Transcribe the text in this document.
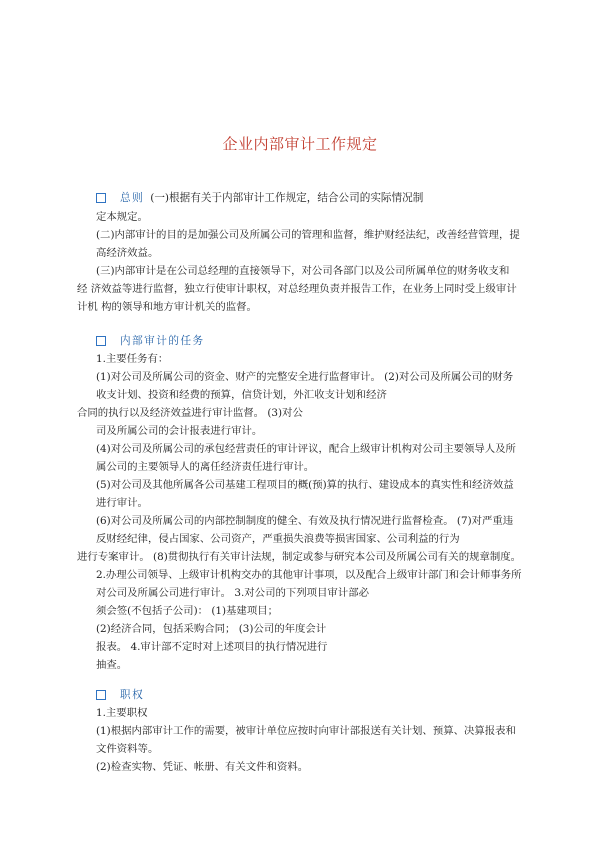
企业内部审计工作规定
总则 (一)根据有关于内部审计工作规定，结合公司的实际情况制
定本规定。
(二)内部审计的目的是加强公司及所属公司的管理和监督，维护财经法纪，改善经营管理，提
高经济效益。
(三)内部审计是在公司总经理的直接领导下，对公司各部门以及公司所属单位的财务收支和
经 济效益等进行监督，独立行使审计职权，对总经理负责并报告工作，在业务上同时受上级审计
计机 构的领导和地方审计机关的监督。
内部审计的任务
1.主要任务有：
(1)对公司及所属公司的资金、财产的完整安全进行监督审计。 (2)对公司及所属公司的财务
收支计划、投资和经费的预算，信贷计划，外汇收支计划和经济
合同的执行以及经济效益进行审计监督。 (3)对公
司及所属公司的会计报表进行审计。
(4)对公司及所属公司的承包经营责任的审计评议，配合上级审计机构对公司主要领导人及所
属公司的主要领导人的离任经济责任进行审计。
(5)对公司及其他所属各公司基建工程项目的概(预)算的执行、建设成本的真实性和经济效益
进行审计。
(6)对公司及所属公司的内部控制制度的健全、有效及执行情况进行监督检查。 (7)对严重违
反财经纪律，侵占国家、公司资产，严重损失浪费等损害国家、公司利益的行为
进行专案审计。 (8)贯彻执行有关审计法规，制定或参与研究本公司及所属公司有关的规章制度。
2.办理公司领导、上级审计机构交办的其他审计事项，以及配合上级审计部门和会计师事务所
对公司及所属公司进行审计。 3.对公司的下列项目审计部必
须会签(不包括子公司)： (1)基建项目；
(2)经济合同，包括采购合同； (3)公司的年度会计
报表。 4.审计部不定时对上述项目的执行情况进行
抽查。
职权
1.主要职权
(1)根据内部审计工作的需要，被审计单位应按时向审计部报送有关计划、预算、决算报表和
文件资料等。
(2)检查实物、凭证、帐册、有关文件和资料。
